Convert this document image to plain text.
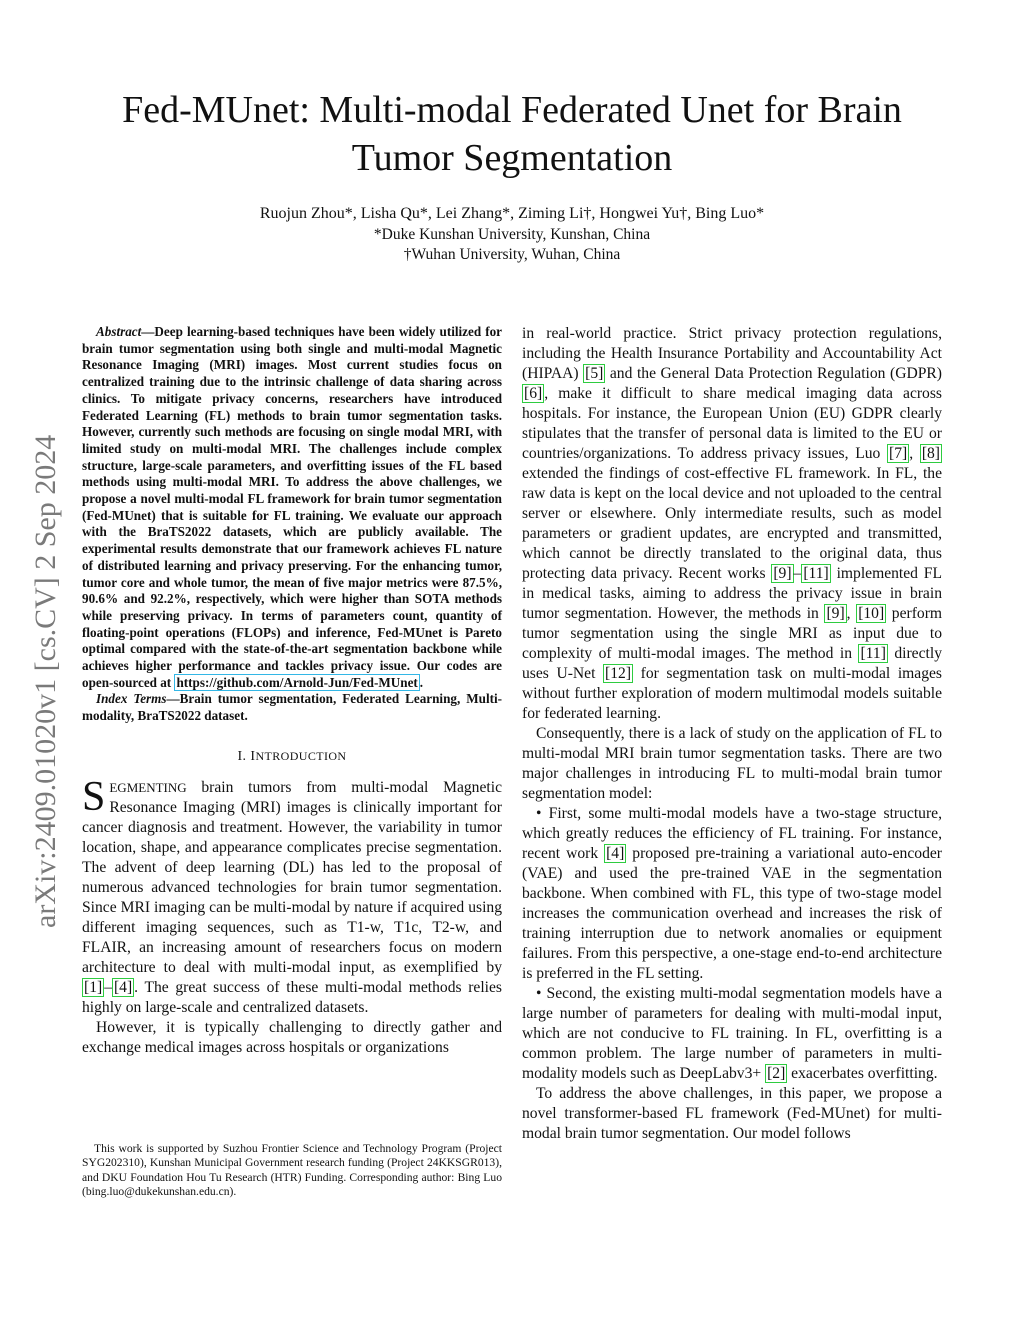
Fed-MUnet: Multi-modal Federated Unet for Brain
Tumor Segmentation
Ruojun Zhou*, Lisha Qu*, Lei Zhang*, Ziming Li†, Hongwei Yu†, Bing Luo*
*Duke Kunshan University, Kunshan, China
†Wuhan University, Wuhan, China
arXiv:2409.01020v1 [cs.CV] 2 Sep 2024

Abstract—Deep learning-based techniques have been widely utilized for brain tumor segmentation using both single and multi-modal Magnetic Resonance Imaging (MRI) images. Most current studies focus on centralized training due to the intrinsic challenge of data sharing across clinics. To mitigate privacy concerns, researchers have introduced Federated Learning (FL) methods to brain tumor segmentation tasks. However, currently such methods are focusing on single modal MRI, with limited study on multi-modal MRI. The challenges include complex structure, large-scale parameters, and overfitting issues of the FL based methods using multi-modal MRI. To address the above challenges, we propose a novel multi-modal FL framework for brain tumor segmentation (Fed-MUnet) that is suitable for FL training. We evaluate our approach with the BraTS2022 datasets, which are publicly available. The experimental results demonstrate that our framework achieves FL nature of distributed learning and privacy preserving. For the enhancing tumor, tumor core and whole tumor, the mean of five major metrics were 87.5%, 90.6% and 92.2%, respectively, which were higher than SOTA methods while preserving privacy. In terms of parameters count, quantity of floating-point operations (FLOPs) and inference, Fed-MUnet is Pareto optimal compared with the state-of-the-art segmentation backbone while achieves higher performance and tackles privacy issue. Our codes are open-sourced at https://github.com/Arnold-Jun/Fed-MUnet .

Index Terms—Brain tumor segmentation, Federated Learning, Multi-modality, BraTS2022 dataset.

I. INTRODUCTION

SEGMENTING brain tumors from multi-modal Magnetic Resonance Imaging (MRI) images is clinically important for cancer diagnosis and treatment. However, the variability in tumor location, shape, and appearance complicates precise segmentation. The advent of deep learning (DL) has led to the proposal of numerous advanced technologies for brain tumor segmentation. Since MRI imaging can be multi-modal by nature if acquired using different imaging sequences, such as T1-w, T1c, T2-w, and FLAIR, an increasing amount of researchers focus on modern architecture to deal with multi-modal input, as exemplified by [1] – [4] . The great success of these multi-modal methods relies highly on large-scale and centralized datasets.

However, it is typically challenging to directly gather and exchange medical images across hospitals or organizations

This work is supported by Suzhou Frontier Science and Technology Program (Project SYG202310), Kunshan Municipal Government research funding (Project 24KKSGR013), and DKU Foundation Hou Tu Research (HTR) Funding. Corresponding author: Bing Luo (bing.luo@dukekunshan.edu.cn).

in real-world practice. Strict privacy protection regulations, including the Health Insurance Portability and Accountability Act (HIPAA) [5] and the General Data Protection Regulation (GDPR) [6] , make it difficult to share medical imaging data across hospitals. For instance, the European Union (EU) GDPR clearly stipulates that the transfer of personal data is limited to the EU or countries/organizations. To address privacy issues, Luo [7] , [8] extended the findings of cost-effective FL framework. In FL, the raw data is kept on the local device and not uploaded to the central server or elsewhere. Only intermediate results, such as model parameters or gradient updates, are encrypted and transmitted, which cannot be directly translated to the original data, thus protecting data privacy. Recent works [9] – [11] implemented FL in medical tasks, aiming to address the privacy issue in brain tumor segmentation. However, the methods in [9] , [10] perform tumor segmentation using the single MRI as input due to complexity of multi-modal images. The method in [11] directly uses U-Net [12] for segmentation task on multi-modal images without further exploration of modern multimodal models suitable for federated learning.

Consequently, there is a lack of study on the application of FL to multi-modal MRI brain tumor segmentation tasks. There are two major challenges in introducing FL to multi-modal brain tumor segmentation model:

• First, some multi-modal models have a two-stage structure, which greatly reduces the efficiency of FL training. For instance, recent work [4] proposed pre-training a variational auto-encoder (VAE) and used the pre-trained VAE in the segmentation backbone. When combined with FL, this type of two-stage model increases the communication overhead and increases the risk of training interruption due to network anomalies or equipment failures. From this perspective, a one-stage end-to-end architecture is preferred in the FL setting.

• Second, the existing multi-modal segmentation models have a large number of parameters for dealing with multi-modal input, which are not conducive to FL training. In FL, overfitting is a common problem. The large number of parameters in multi-modality models such as DeepLabv3+ [2] exacerbates overfitting.

To address the above challenges, in this paper, we propose a novel transformer-based FL framework (Fed-MUnet) for multi-modal brain tumor segmentation. Our model follows
